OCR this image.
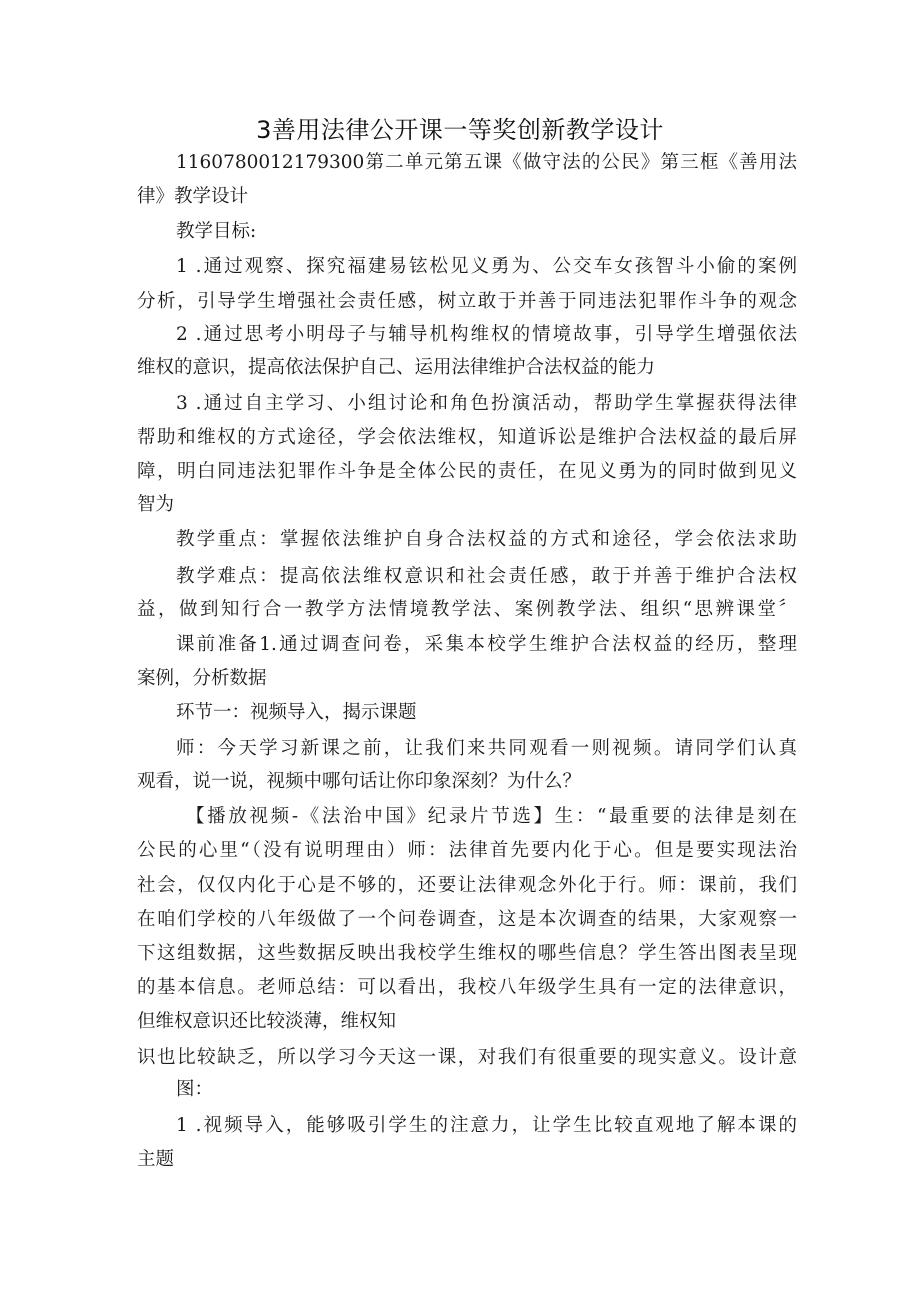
3善用法律公开课一等奖创新教学设计
1160780012179300第二单元第五课《做守法的公民》第三框《善用法
律》教学设计
教学目标:
1 .通过观察、探究福建易铉松见义勇为、公交车女孩智斗小偷的案例
分析，引导学生增强社会责任感，树立敢于并善于同违法犯罪作斗争的观念
2 .通过思考小明母子与辅导机构维权的情境故事，引导学生增强依法
维权的意识，提高依法保护自己、运用法律维护合法权益的能力
3 .通过自主学习、小组讨论和角色扮演活动，帮助学生掌握获得法律
帮助和维权的方式途径，学会依法维权，知道诉讼是维护合法权益的最后屏
障，明白同违法犯罪作斗争是全体公民的责任，在见义勇为的同时做到见义
智为
教学重点：掌握依法维护自身合法权益的方式和途径，学会依法求助
教学难点：提高依法维权意识和社会责任感，敢于并善于维护合法权
益，做到知行合一教学方法情境教学法、案例教学法、组织“思辨课堂〞
课前准备1.通过调查问卷，采集本校学生维护合法权益的经历，整理
案例，分析数据
环节一：视频导入，揭示课题
师：今天学习新课之前，让我们来共同观看一则视频。请同学们认真
观看，说一说，视频中哪句话让你印象深刻？为什么？
【播放视频-《法治中国》纪录片节选】生：“最重要的法律是刻在
公民的心里“（没有说明理由）师：法律首先要内化于心。但是要实现法治
社会，仅仅内化于心是不够的，还要让法律观念外化于行。师：课前，我们
在咱们学校的八年级做了一个问卷调查，这是本次调查的结果，大家观察一
下这组数据，这些数据反映出我校学生维权的哪些信息？学生答出图表呈现
的基本信息。老师总结：可以看出，我校八年级学生具有一定的法律意识，
但维权意识还比较淡薄，维权知
识也比较缺乏，所以学习今天这一课，对我们有很重要的现实意义。设计意
图：
1 .视频导入，能够吸引学生的注意力，让学生比较直观地了解本课的
主题
